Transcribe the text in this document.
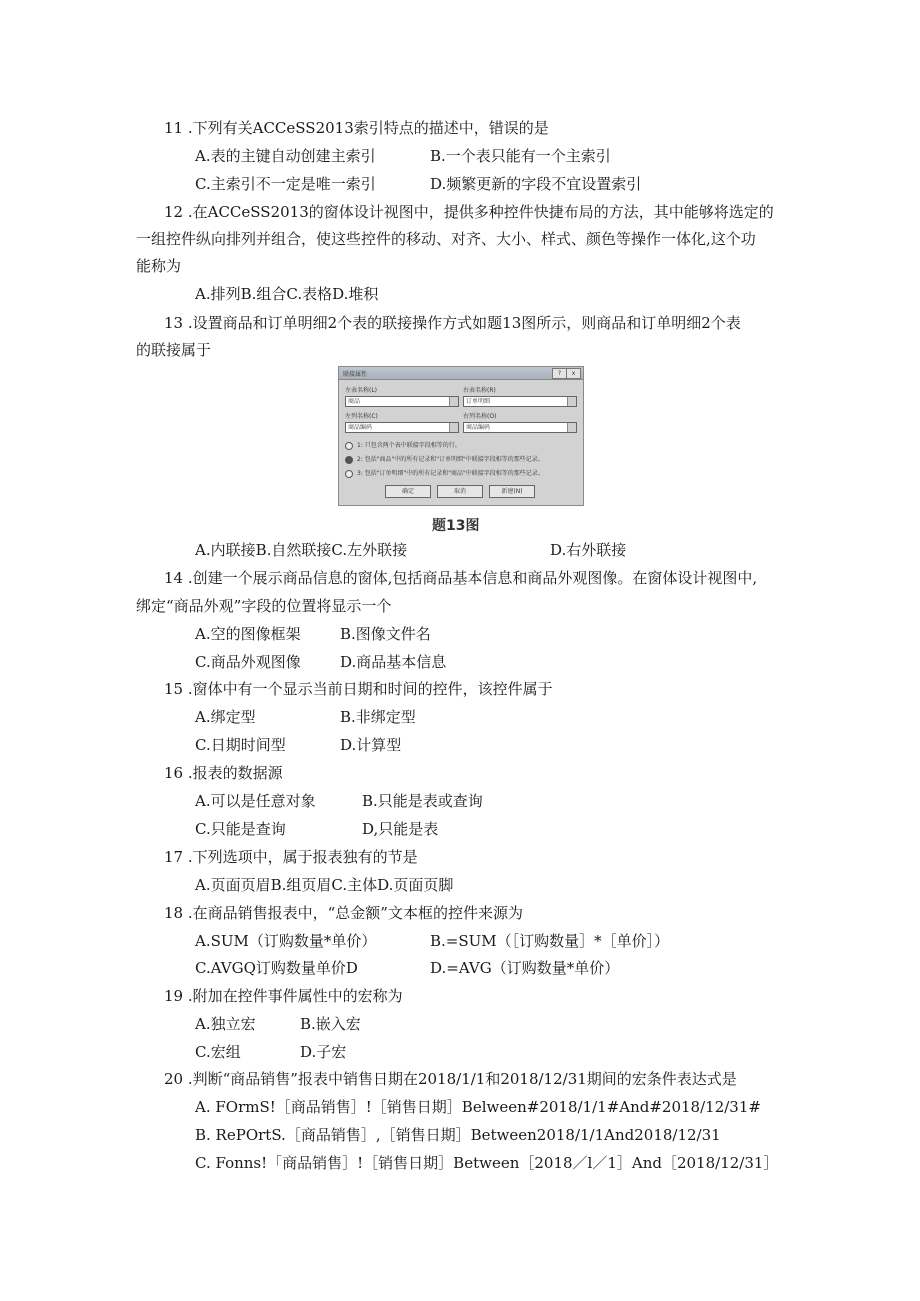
11 .下列有关ACCeSS2013索引特点的描述中，错误的是
A.表的主键自动创建主索引	B.一个表只能有一个主索引
C.主索引不一定是唯一索引	D.频繁更新的字段不宜设置索引
12 .在ACCeSS2013的窗体设计视图中，提供多种控件快捷布局的方法，其中能够将选定的
一组控件纵向排列并组合，使这些控件的移动、对齐、大小、样式、颜色等操作一体化,这个功
能称为
A.排列B.组合C.表格D.堆积
13 .设置商品和订单明细2个表的联接操作方式如题13图所示，则商品和订单明细2个表
的联接属于
联接属性	?	x
左表名称(L)	右表名称(R)
商品	订单明细
左列名称(C)	右列名称(O)
商品编码	商品编码
1: 只包含两个表中联接字段相等的行。
2: 包括"商品"中的所有记录和"订单明细"中联接字段相等的那些记录。
3: 包括"订单明细"中的所有记录和"商品"中联接字段相等的那些记录。
确定	取消	新建(N)
题13图
A.内联接B.自然联接C.左外联接	D.右外联接
14 .创建一个展示商品信息的窗体,包括商品基本信息和商品外观图像。在窗体设计视图中,
绑定“商品外观”字段的位置将显示一个
A.空的图像框架	B.图像文件名
C.商品外观图像	D.商品基本信息
15 .窗体中有一个显示当前日期和时间的控件，该控件属于
A.绑定型	B.非绑定型
C.日期时间型	D.计算型
16 .报表的数据源
A.可以是任意对象	B.只能是表或查询
C.只能是查询	D,只能是表
17 .下列选项中，属于报表独有的节是
A.页面页眉B.组页眉C.主体D.页面页脚
18 .在商品销售报表中，“总金额”文本框的控件来源为
A.SUM（订购数量*单价）	B.=SUM（［订购数量］*［单价］）
C.AVGQ订购数量单价D	D.=AVG（订购数量*单价）
19 .附加在控件事件属性中的宏称为
A.独立宏	B.嵌入宏
C.宏组	D.子宏
20 .判断“商品销售”报表中销售日期在2018/1/1和2018/12/31期间的宏条件表达式是
A. FOrmS!［商品销售］!［销售日期］Belween#2018/1/1#And#2018/12/31#
B. RePOrtS.［商品销售］,［销售日期］Between2018/1/1And2018/12/31
C. Fonns!「商品销售］!［销售日期］Between［2018／l／1］And［2018/12/31］
